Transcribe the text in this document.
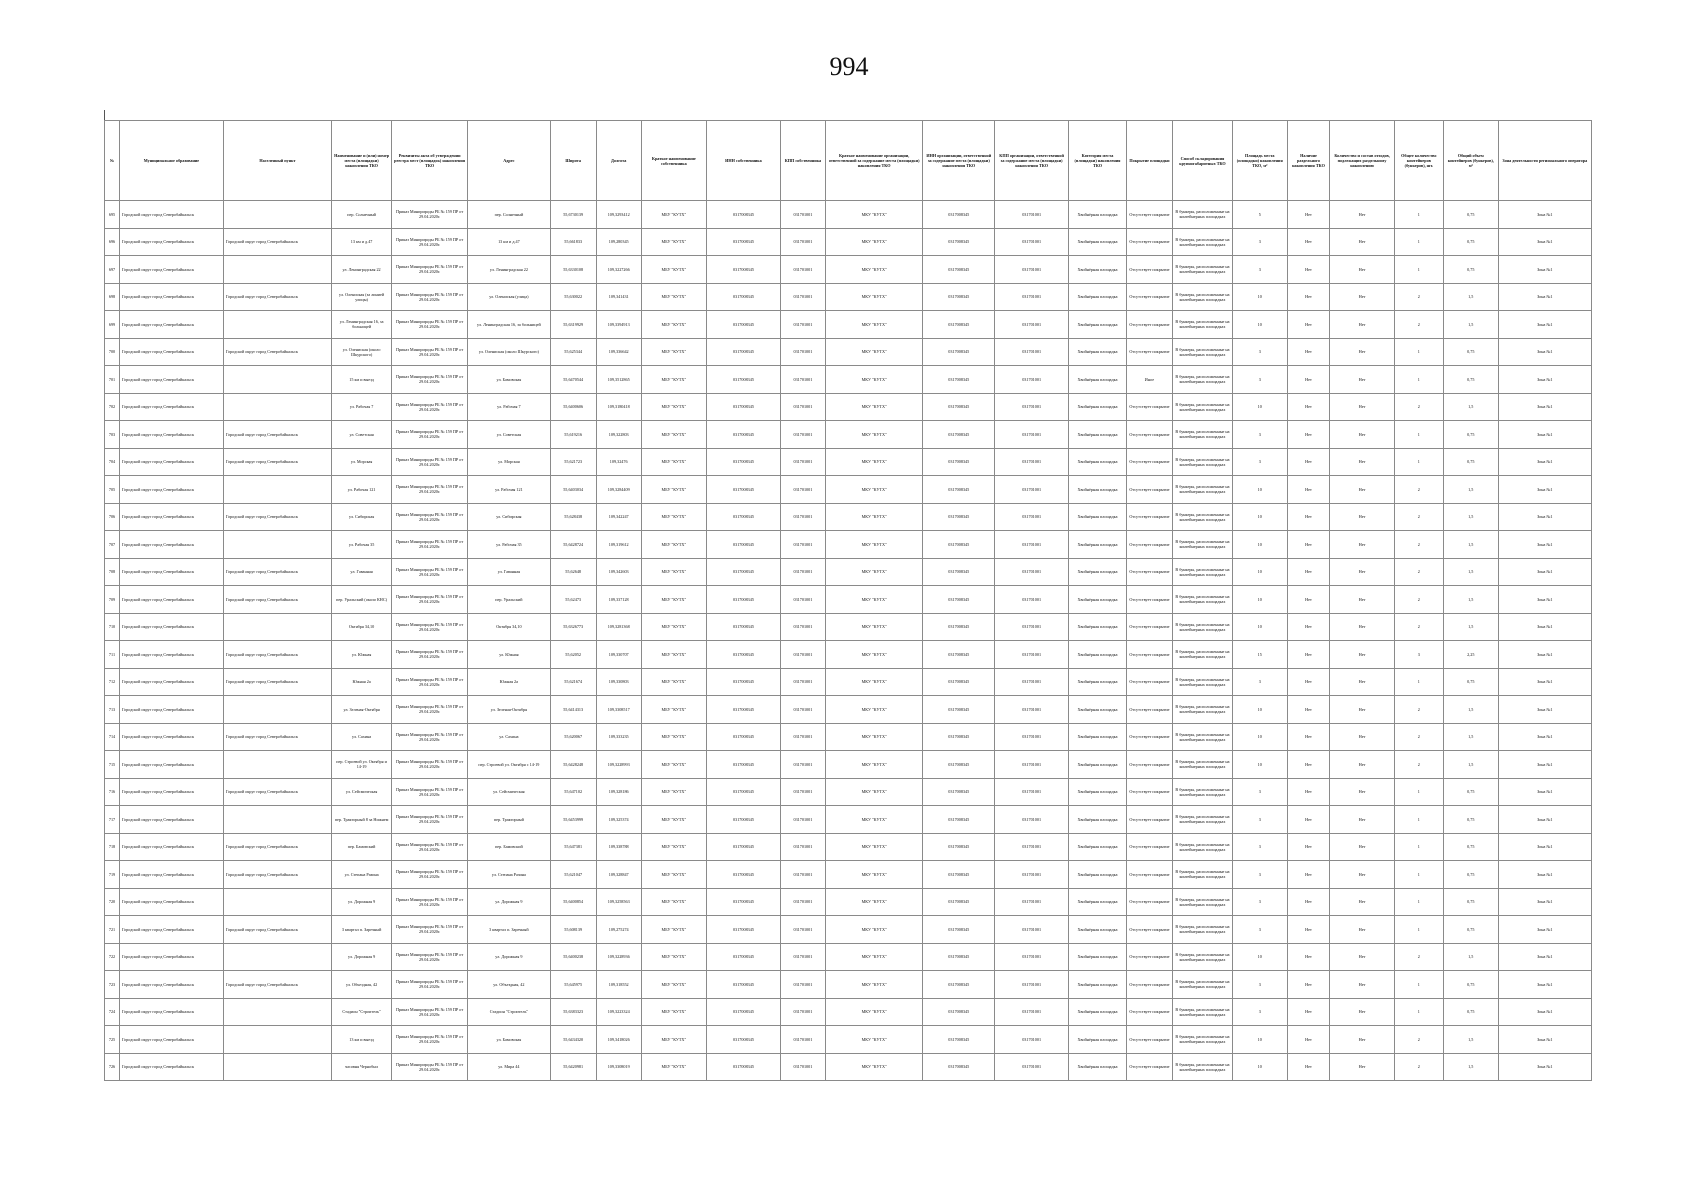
994
№	Муниципальное образование	Населенный пункт	Наименование и (или) номер места (площадки) накопления ТКО	Реквизиты акта об утверждении реестра мест (площадок) накопления ТКО	Адрес	Широта	Долгота	Краткое наименование собственника	ИНН собственника	КПП собственника	Краткое наименование организации, ответственной за содержание места (площадки) накопления ТКО	ИНН организации, ответственной за содержание места (площадки) накопления ТКО	КПП организации, ответственной за содержание места (площадки) накопления ТКО	Категория места (площадки) накопления ТКО	Покрытие площадки	Способ складирования крупногабаритных ТКО	Площадь места (площадки) накопления ТКО, м²	Наличие раздельного накопления ТКО	Количество и состав отходов, подлежащих раздельному накоплению	Общее количество контейнеров (бункеров), шт.	Общий объем контейнеров (бункеров), м³	Зона деятельности регионального оператора
695	Городской округ город Северобайкальск		пер. Солнечный	Приказ Минприроды РБ № 159 ПР от 29.04.2020г.	пер. Солнечный	55,6730139	109,3293412	МБУ "КУТХ"	0317008345	031701001	МКУ "КУТХ"	0317008345	031701001	Хвойнёрная площадка	Отсутствует покрытие	В бункеры, расположенные на контейнерных площадках	5	Нет	Нет	1	0,75	Зона №1
696	Городской округ город Северобайкальск	Городской округ город Северобайкальск	13 км и д.47	Приказ Минприроды РБ № 159 ПР от 29.04.2020г.	13 км и д.47	55,661833	109,280345	МБУ "КУТХ"	0317008345	031701001	МКУ "КУТХ"	0317008345	031701001	Хвойнёрная площадка	Отсутствует покрытие	В бункеры, расположенные на контейнерных площадках	3	Нет	Нет	1	0,75	Зона №1
697	Городской округ город Северобайкальск		ул. Ленинградская 22	Приказ Минприроды РБ № 159 ПР от 29.04.2020г.	ул. Ленинградская 22	55,6330108	109,3227266	МБУ "КУТХ"	0317008345	031701001	МКУ "КУТХ"	0317008345	031701001	Хвойнёрная площадка	Отсутствует покрытие	В бункеры, расположенные на контейнерных площадках	3	Нет	Нет	1	0,75	Зона №1
698	Городской округ город Северобайкальск	Городской округ город Северобайкальск	ул. Олениская (за линией улицы)	Приказ Минприроды РБ № 159 ПР от 29.04.2020г.	ул. Олениская (улица)	55,630022	109,341431	МБУ "КУТХ"	0317008345	031701001	МКУ "КУТХ"	0317008345	031701001	Хвойнёрная площадка	Отсутствует покрытие	В бункеры, расположенные на контейнерных площадках	10	Нет	Нет	2	1,5	Зона №1
699	Городской округ город Северобайкальск		ул. Ленинградская 16, за больницей	Приказ Минприроды РБ № 159 ПР от 29.04.2020г.	ул. Ленинградская 16, за больницей	55,6319929	109,3394913	МБУ "КУТХ"	0317008345	031701001	МКУ "КУТХ"	0317008345	031701001	Хвойнёрная площадка	Отсутствует покрытие	В бункеры, расположенные на контейнерных площадках	10	Нет	Нет	2	1,5	Зона №1
700	Городской округ город Северобайкальск	Городской округ город Северобайкальск	ул. Олениская (около Шкурского)	Приказ Минприроды РБ № 159 ПР от 29.04.2020г.	ул. Олениская (около Шкурского)	55,625344	109,336642	МБУ "КУТХ"	0317008345	031701001	МКУ "КУТХ"	0317008345	031701001	Хвойнёрная площадка	Отсутствует покрытие	В бункеры, расположенные на контейнерных площадках	3	Нет	Нет	1	0,75	Зона №1
701	Городской округ город Северобайкальск		15 км и выезд	Приказ Минприроды РБ № 159 ПР от 29.04.2020г.	ул. Бамовская	55,6470544	109,3512865	МБУ "КУТХ"	0317008345	031701001	МКУ "КУТХ"	0317008345	031701001	Хвойнёрная площадка	Иное	В бункеры, расположенные на контейнерных площадках	3	Нет	Нет	1	0,75	Зона №1
702	Городской округ город Северобайкальск		ул. Рабочая 7	Приказ Минприроды РБ № 159 ПР от 29.04.2020г.	ул. Рабочая 7	55,6400606	109,3180418	МБУ "КУТХ"	0317008345	031701001	МКУ "КУТХ"	0317008345	031701001	Хвойнёрная площадка	Отсутствует покрытие	В бункеры, расположенные на контейнерных площадках	10	Нет	Нет	2	1,5	Зона №1
703	Городской округ город Северобайкальск	Городской округ город Северобайкальск	ул. Советская	Приказ Минприроды РБ № 159 ПР от 29.04.2020г.	ул. Советская	55,619216	109,322803	МБУ "КУТХ"	0317008345	031701001	МКУ "КУТХ"	0317008345	031701001	Хвойнёрная площадка	Отсутствует покрытие	В бункеры, расположенные на контейнерных площадках	3	Нет	Нет	1	0,75	Зона №1
704	Городской округ город Северобайкальск	Городской округ город Северобайкальск	ул. Морская	Приказ Минприроды РБ № 159 ПР от 29.04.2020г.	ул. Морская	55,621723	109,32476	МБУ "КУТХ"	0317008345	031701001	МКУ "КУТХ"	0317008345	031701001	Хвойнёрная площадка	Отсутствует покрытие	В бункеры, расположенные на контейнерных площадках	3	Нет	Нет	1	0,75	Зона №1
705	Городской округ город Северобайкальск		ул. Рабочая 121	Приказ Минприроды РБ № 159 ПР от 29.04.2020г.	ул. Рабочая 121	55,6403034	109,3284409	МБУ "КУТХ"	0317008345	031701001	МКУ "КУТХ"	0317008345	031701001	Хвойнёрная площадка	Отсутствует покрытие	В бункеры, расположенные на контейнерных площадках	10	Нет	Нет	2	1,5	Зона №1
706	Городской округ город Северобайкальск	Городской округ город Северобайкальск	ул. Сибирская	Приказ Минприроды РБ № 159 ПР от 29.04.2020г.	ул. Сибирская	55,628438	109,342247	МБУ "КУТХ"	0317008345	031701001	МКУ "КУТХ"	0317008345	031701001	Хвойнёрная площадка	Отсутствует покрытие	В бункеры, расположенные на контейнерных площадках	10	Нет	Нет	2	1,5	Зона №1
707	Городской округ город Северобайкальск		ул. Рабочая 35	Приказ Минприроды РБ № 159 ПР от 29.04.2020г.	ул. Рабочая 35	55,6428724	109,319612	МБУ "КУТХ"	0317008345	031701001	МКУ "КУТХ"	0317008345	031701001	Хвойнёрная площадка	Отсутствует покрытие	В бункеры, расположенные на контейнерных площадках	10	Нет	Нет	2	1,5	Зона №1
708	Городской округ город Северобайкальск	Городской округ город Северобайкальск	ул. Гаванная	Приказ Минприроды РБ № 159 ПР от 29.04.2020г.	ул. Гаванная	55,62648	109,342603	МБУ "КУТХ"	0317008345	031701001	МКУ "КУТХ"	0317008345	031701001	Хвойнёрная площадка	Отсутствует покрытие	В бункеры, расположенные на контейнерных площадках	10	Нет	Нет	2	1,5	Зона №1
709	Городской округ город Северобайкальск	Городской округ город Северобайкальск	пер. Уральский (около КНС)	Приказ Минприроды РБ № 159 ПР от 29.04.2020г.	пер. Уральский	55,62473	109,337128	МБУ "КУТХ"	0317008345	031701001	МКУ "КУТХ"	0317008345	031701001	Хвойнёрная площадка	Отсутствует покрытие	В бункеры, расположенные на контейнерных площадках	10	Нет	Нет	2	1,5	Зона №1
710	Городской округ город Северобайкальск		Октября 34,10	Приказ Минприроды РБ № 159 ПР от 29.04.2020г.	Октября 34,10	55,6326773	109,3281368	МБУ "КУТХ"	0317008345	031701001	МКУ "КУТХ"	0317008345	031701001	Хвойнёрная площадка	Отсутствует покрытие	В бункеры, расположенные на контейнерных площадках	10	Нет	Нет	2	1,5	Зона №1
711	Городской округ город Северобайкальск	Городской округ город Северобайкальск	ул. Южная	Приказ Минприроды РБ № 159 ПР от 29.04.2020г.	ул. Южная	55,62052	109,330707	МБУ "КУТХ"	0317008345	031701001	МКУ "КУТХ"	0317008345	031701001	Хвойнёрная площадка	Отсутствует покрытие	В бункеры, расположенные на контейнерных площадках	15	Нет	Нет	3	2,25	Зона №1
712	Городской округ город Северобайкальск	Городской округ город Северобайкальск	Южная 2а	Приказ Минприроды РБ № 159 ПР от 29.04.2020г.	Южная 2а	55,621674	109,330803	МБУ "КУТХ"	0317008345	031701001	МКУ "КУТХ"	0317008345	031701001	Хвойнёрная площадка	Отсутствует покрытие	В бункеры, расположенные на контейнерных площадках	3	Нет	Нет	1	0,75	Зона №1
713	Городской округ город Северобайкальск		ул. Зеленая-Октября	Приказ Минприроды РБ № 159 ПР от 29.04.2020г.	ул. Зеленая-Октября	55,6414313	109,3308517	МБУ "КУТХ"	0317008345	031701001	МКУ "КУТХ"	0317008345	031701001	Хвойнёрная площадка	Отсутствует покрытие	В бункеры, расположенные на контейнерных площадках	10	Нет	Нет	2	1,5	Зона №1
714	Городской округ город Северобайкальск	Городской округ город Северобайкальск	ул. Сахина	Приказ Минприроды РБ № 159 ПР от 29.04.2020г.	ул. Сахина	55,620067	109,333235	МБУ "КУТХ"	0317008345	031701001	МКУ "КУТХ"	0317008345	031701001	Хвойнёрная площадка	Отсутствует покрытие	В бункеры, расположенные на контейнерных площадках	10	Нет	Нет	2	1,5	Зона №1
715	Городской округ город Северобайкальск		пер. Строевой ул. Октября и 14-19	Приказ Минприроды РБ № 159 ПР от 29.04.2020г.	пер. Строевой ул. Октября с 14-19	55,6428248	109,3228993	МБУ "КУТХ"	0317008345	031701001	МКУ "КУТХ"	0317008345	031701001	Хвойнёрная площадка	Отсутствует покрытие	В бункеры, расположенные на контейнерных площадках	10	Нет	Нет	2	1,5	Зона №1
716	Городской округ город Северобайкальск	Городской округ город Северобайкальск	ул. Сейсмическая	Приказ Минприроды РБ № 159 ПР от 29.04.2020г.	ул. Сейсмическая	55,647102	109,328186	МБУ "КУТХ"	0317008345	031701001	МКУ "КУТХ"	0317008345	031701001	Хвойнёрная площадка	Отсутствует покрытие	В бункеры, расположенные на контейнерных площадках	3	Нет	Нет	1	0,75	Зона №1
717	Городской округ город Северобайкальск		пер. Тракторный 8 за Нижнем	Приказ Минприроды РБ № 159 ПР от 29.04.2020г.	пер. Тракторный	55,6453999	109,325374	МБУ "КУТХ"	0317008345	031701001	МКУ "КУТХ"	0317008345	031701001	Хвойнёрная площадка	Отсутствует покрытие	В бункеры, расположенные на контейнерных площадках	3	Нет	Нет	1	0,75	Зона №1
718	Городской округ город Северобайкальск	Городской округ город Северобайкальск	пер. Бамовский	Приказ Минприроды РБ № 159 ПР от 29.04.2020г.	пер. Бамовский	55,647381	109,338788	МБУ "КУТХ"	0317008345	031701001	МКУ "КУТХ"	0317008345	031701001	Хвойнёрная площадка	Отсутствует покрытие	В бункеры, расположенные на контейнерных площадках	3	Нет	Нет	1	0,75	Зона №1
719	Городской округ город Северобайкальск	Городской округ город Северобайкальск	ул. Степана Разина	Приказ Минприроды РБ № 159 ПР от 29.04.2020г.	ул. Степана Разина	55,621047	109,328847	МБУ "КУТХ"	0317008345	031701001	МКУ "КУТХ"	0317008345	031701001	Хвойнёрная площадка	Отсутствует покрытие	В бункеры, расположенные на контейнерных площадках	3	Нет	Нет	1	0,75	Зона №1
720	Городской округ город Северобайкальск		ул. Дорожная 9	Приказ Минприроды РБ № 159 ПР от 29.04.2020г.	ул. Дорожная 9	55,6400854	109,3258563	МБУ "КУТХ"	0317008345	031701001	МКУ "КУТХ"	0317008345	031701001	Хвойнёрная площадка	Отсутствует покрытие	В бункеры, расположенные на контейнерных площадках	3	Нет	Нет	1	0,75	Зона №1
721	Городской округ город Северобайкальск	Городской округ город Северобайкальск	3 квартал п. Заречный	Приказ Минприроды РБ № 159 ПР от 29.04.2020г.	3 квартал п. Заречный	55,608139	109,275274	МБУ "КУТХ"	0317008345	031701001	МКУ "КУТХ"	0317008345	031701001	Хвойнёрная площадка	Отсутствует покрытие	В бункеры, расположенные на контейнерных площадках	3	Нет	Нет	1	0,75	Зона №1
722	Городской округ город Северобайкальск		ул. Дорожная 9	Приказ Минприроды РБ № 159 ПР от 29.04.2020г.	ул. Дорожная 9	55,6400238	109,3228936	МБУ "КУТХ"	0317008345	031701001	МКУ "КУТХ"	0317008345	031701001	Хвойнёрная площадка	Отсутствует покрытие	В бункеры, расположенные на контейнерных площадках	10	Нет	Нет	2	1,5	Зона №1
723	Городской округ город Северобайкальск	Городской округ город Северобайкальск	ул. Объездная, 42	Приказ Минприроды РБ № 159 ПР от 29.04.2020г.	ул. Объездная, 42	55,645975	109,318552	МБУ "КУТХ"	0317008345	031701001	МКУ "КУТХ"	0317008345	031701001	Хвойнёрная площадка	Отсутствует покрытие	В бункеры, расположенные на контейнерных площадках	3	Нет	Нет	1	0,75	Зона №1
724	Городской округ город Северобайкальск		Стадион "Строитель"	Приказ Минприроды РБ № 159 ПР от 29.04.2020г.	Стадион "Строитель"	55,6383323	109,3223324	МБУ "КУТХ"	0317008345	031701001	МКУ "КУТХ"	0317008345	031701001	Хвойнёрная площадка	Отсутствует покрытие	В бункеры, расположенные на контейнерных площадках	3	Нет	Нет	1	0,75	Зона №1
725	Городской округ город Северобайкальск		13 км и выезд	Приказ Минприроды РБ № 159 ПР от 29.04.2020г.	ул. Бамовская	55,6434320	109,3418026	МБУ "КУТХ"	0317008345	031701001	МКУ "КУТХ"	0317008345	031701001	Хвойнёрная площадка	Отсутствует покрытие	В бункеры, расположенные на контейнерных площадках	10	Нет	Нет	2	1,5	Зона №1
726	Городской округ город Северобайкальск		часовня Чернобыл	Приказ Минприроды РБ № 159 ПР от 29.04.2020г.	ул. Мира 44	55,6420981	109,3308019	МБУ "КУТХ"	0317008345	031701001	МКУ "КУТХ"	0317008345	031701001	Хвойнёрная площадка	Отсутствует покрытие	В бункеры, расположенные на контейнерных площадках	10	Нет	Нет	2	1,5	Зона №1
